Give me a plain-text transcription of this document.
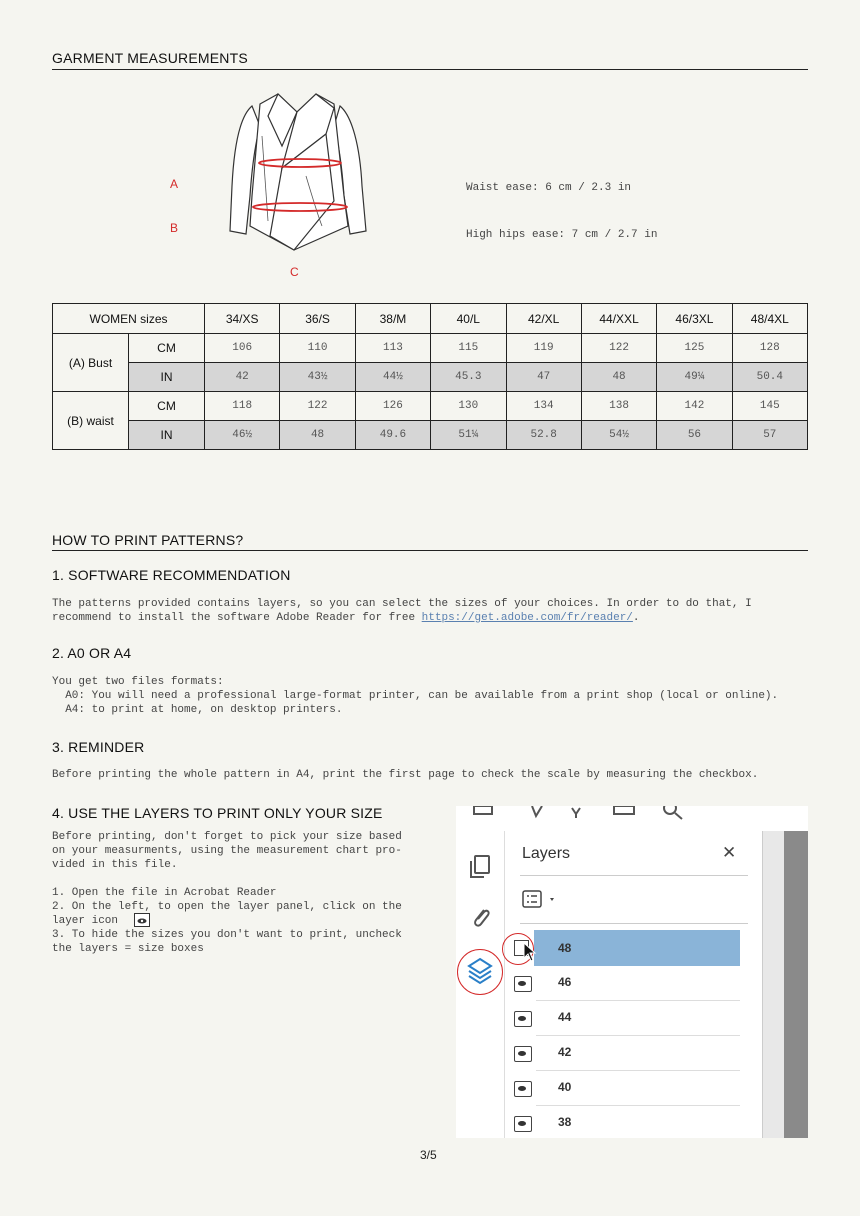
GARMENT MEASUREMENTS
A
B
C
Waist ease: 6 cm / 2.3 in
High hips ease: 7 cm / 2.7 in
WOMEN sizes		34/XS	36/S	38/M	40/L	42/XL	44/XXL	46/3XL	48/4XL
(A) Bust	CM	106	110	113	115	119	122	125	128
	IN	42	43½	44½	45.3	47	48	49¼	50.4
(B) waist	CM	118	122	126	130	134	138	142	145
	IN	46½	48	49.6	51¼	52.8	54½	56	57
HOW TO PRINT PATTERNS?
1. SOFTWARE RECOMMENDATION
The patterns provided contains layers, so you can select the sizes of your choices. In order to do that, I
recommend to install the software Adobe Reader for free https://get.adobe.com/fr/reader/.
2. A0 OR A4
You get two files formats:
A0: You will need a professional large-format printer, can be available from a print shop (local or online).
A4: to print at home, on desktop printers.
3. REMINDER
Before printing the whole pattern in A4, print the first page to check the scale by measuring the checkbox.
4. USE THE LAYERS TO PRINT ONLY YOUR SIZE
Before printing, don't forget to pick your size based
on your measurments, using the measurement chart pro-
vided in this file.
1. Open the file in Acrobat Reader
2. On the left, to open the layer panel, click on the
layer icon
3. To hide the sizes you don't want to print, uncheck
the layers = size boxes
Layers	✕
48
46
44
42
40
38
3/5
